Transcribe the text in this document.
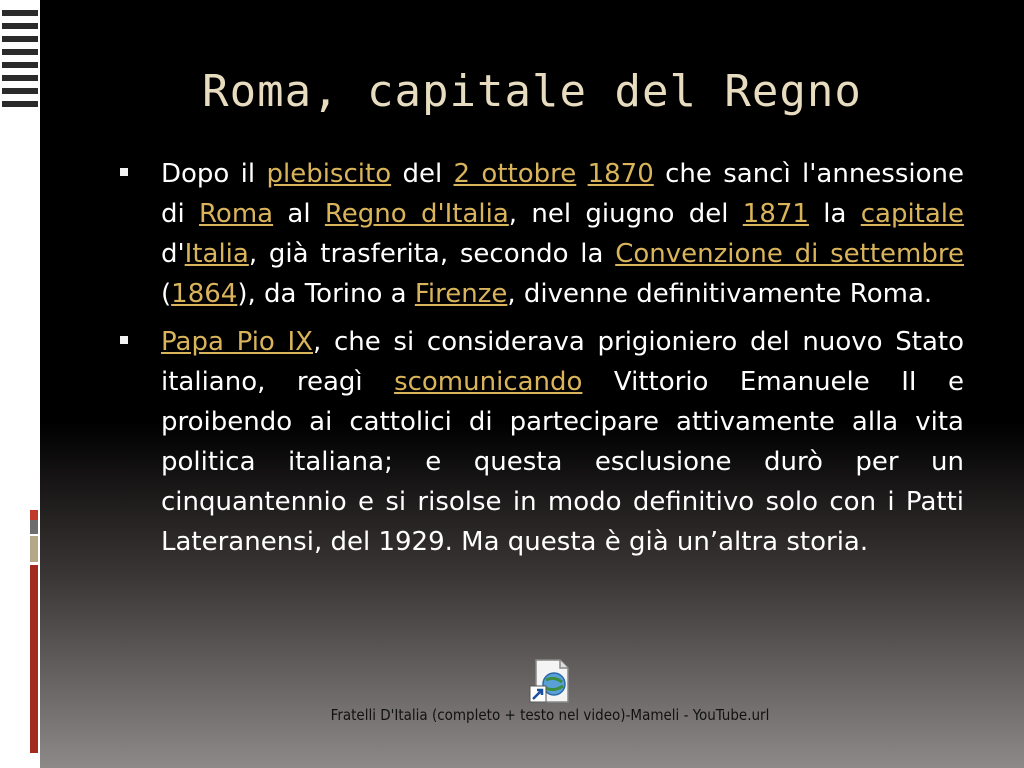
Roma, capitale del Regno
Dopo il plebiscito del 2 ottobre 1870 che sancì l'annessione di Roma al Regno d'Italia, nel giugno del 1871 la capitale d'Italia, già trasferita, secondo la Convenzione di settembre (1864), da Torino a Firenze, divenne definitivamente Roma.
Papa Pio IX, che si considerava prigioniero del nuovo Stato italiano, reagì scomunicando Vittorio Emanuele II e proibendo ai cattolici di partecipare attivamente alla vita politica italiana; e questa esclusione durò per un cinquantennio e si risolse in modo definitivo solo con i Patti Lateranensi, del 1929. Ma questa è già un’altra storia.
Fratelli D'Italia (completo + testo nel video)-Mameli - YouTube.url
